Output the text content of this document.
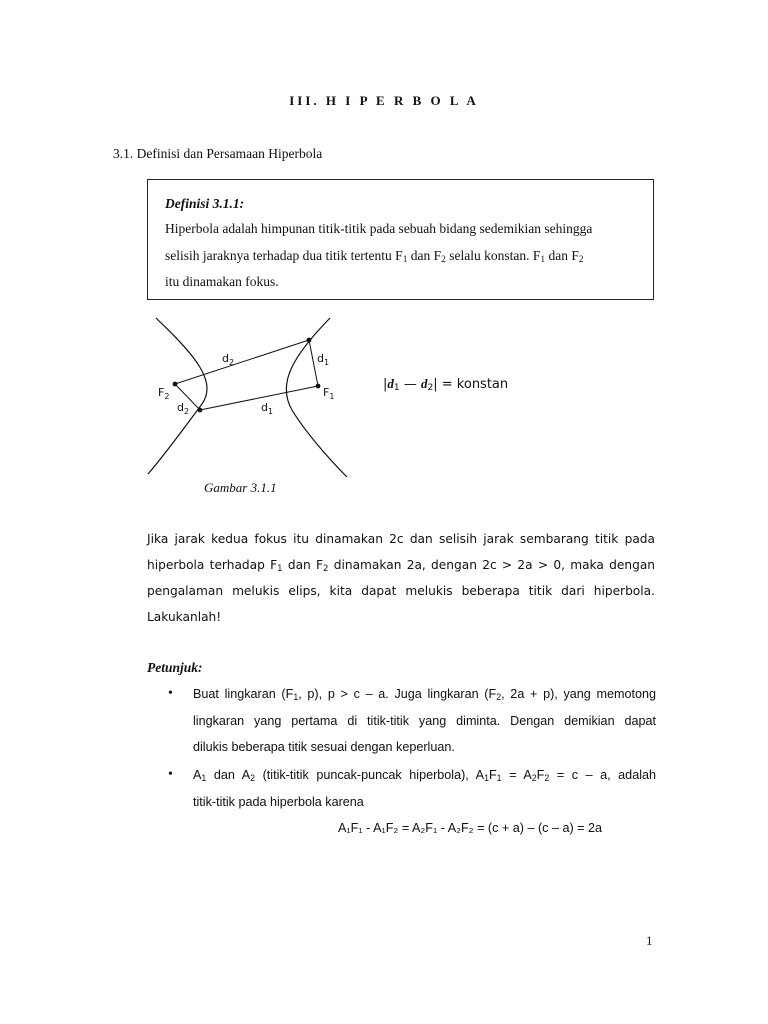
III. H I P E R B O L A
3.1. Definisi dan Persamaan Hiperbola
Definisi 3.1.1:
Hiperbola adalah himpunan titik-titik pada sebuah bidang sedemikian sehingga
selisih jaraknya terhadap dua titik tertentu $F_1$ dan $F_2$ selalu konstan. $F_1$ dan $F_2$
itu dinamakan fokus.
$F_2$	$F_1$
$d_2$	$d_1$
$d_2$	$d_1$
$|d_1$ — $d_2|$ = konstan
Gambar 3.1.1
Jika jarak kedua fokus itu dinamakan 2c dan selisih jarak sembarang titik pada
hiperbola terhadap $F_1$ dan $F_2$ dinamakan 2a, dengan 2c > 2a > 0, maka dengan
pengalaman melukis elips, kita dapat melukis beberapa titik dari hiperbola.
Lakukanlah!
Petunjuk:
• Buat lingkaran ($F_1$, p), p > c – a. Juga lingkaran ($F_2$, 2a + p), yang memotong
lingkaran yang pertama di titik-titik yang diminta. Dengan demikian dapat
dilukis beberapa titik sesuai dengan keperluan.
• $A_1$ dan $A_2$ (titik-titik puncak-puncak hiperbola), $A_1F_1 = A_2F_2 = c - a$, adalah
titik-titik pada hiperbola karena
A₁F₁ - A₁F₂ = A₂F₁ - A₂F₂ = (c + a) – (c – a) = 2a
1
